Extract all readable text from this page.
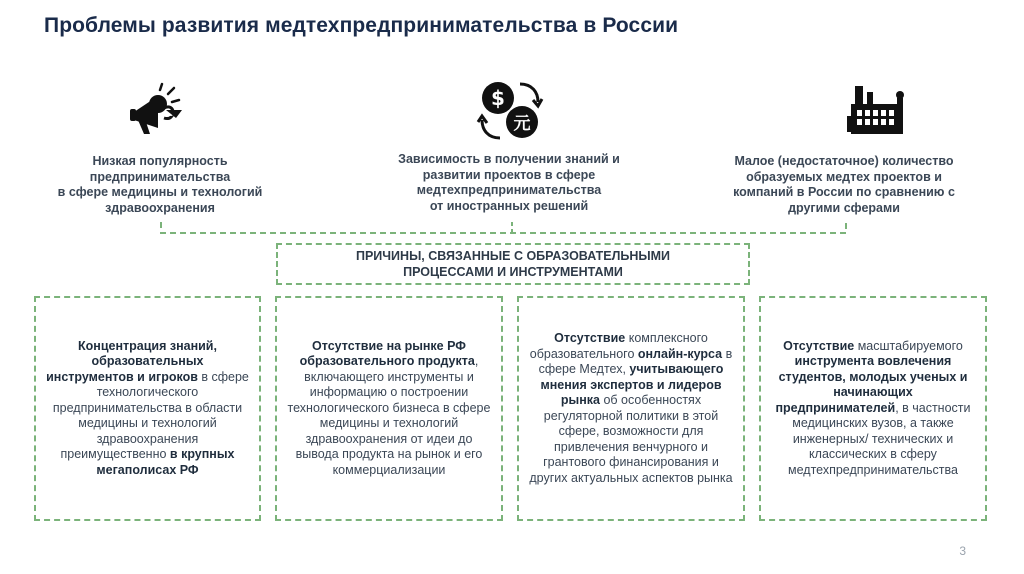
Проблемы развития медтехпредпринимательства в России
$
元
Низкая популярность
предпринимательства
в сфере медицины и технологий
здравоохранения
Зависимость в получении знаний и
развитии проектов в сфере
медтехпредпринимательства
от иностранных решений
Малое (недостаточное) количество
образуемых медтех проектов и
компаний в России по сравнению с
другими сферами
ПРИЧИНЫ, СВЯЗАННЫЕ С ОБРАЗОВАТЕЛЬНЫМИ
ПРОЦЕССАМИ И ИНСТРУМЕНТАМИ
Концентрация знаний, образовательных инструментов и игроков в сфере технологического предпринимательства в области медицины и технологий здравоохранения преимущественно в крупных мегаполисах РФ
Отсутствие на рынке РФ образовательного продукта, включающего инструменты и информацию о построении технологического бизнеса в сфере медицины и технологий здравоохранения от идеи до вывода продукта на рынок и его коммерциализации
Отсутствие комплексного образовательного онлайн-курса в сфере Медтех, учитывающего мнения экспертов и лидеров рынка об особенностях регуляторной политики в этой сфере, возможности для привлечения венчурного и грантового финансирования и других актуальных аспектов рынка
Отсутствие масштабируемого инструмента вовлечения студентов, молодых ученых и начинающих предпринимателей, в частности медицинских вузов, а также инженерных/ технических и классических в сферу медтехпредпринимательства
3
